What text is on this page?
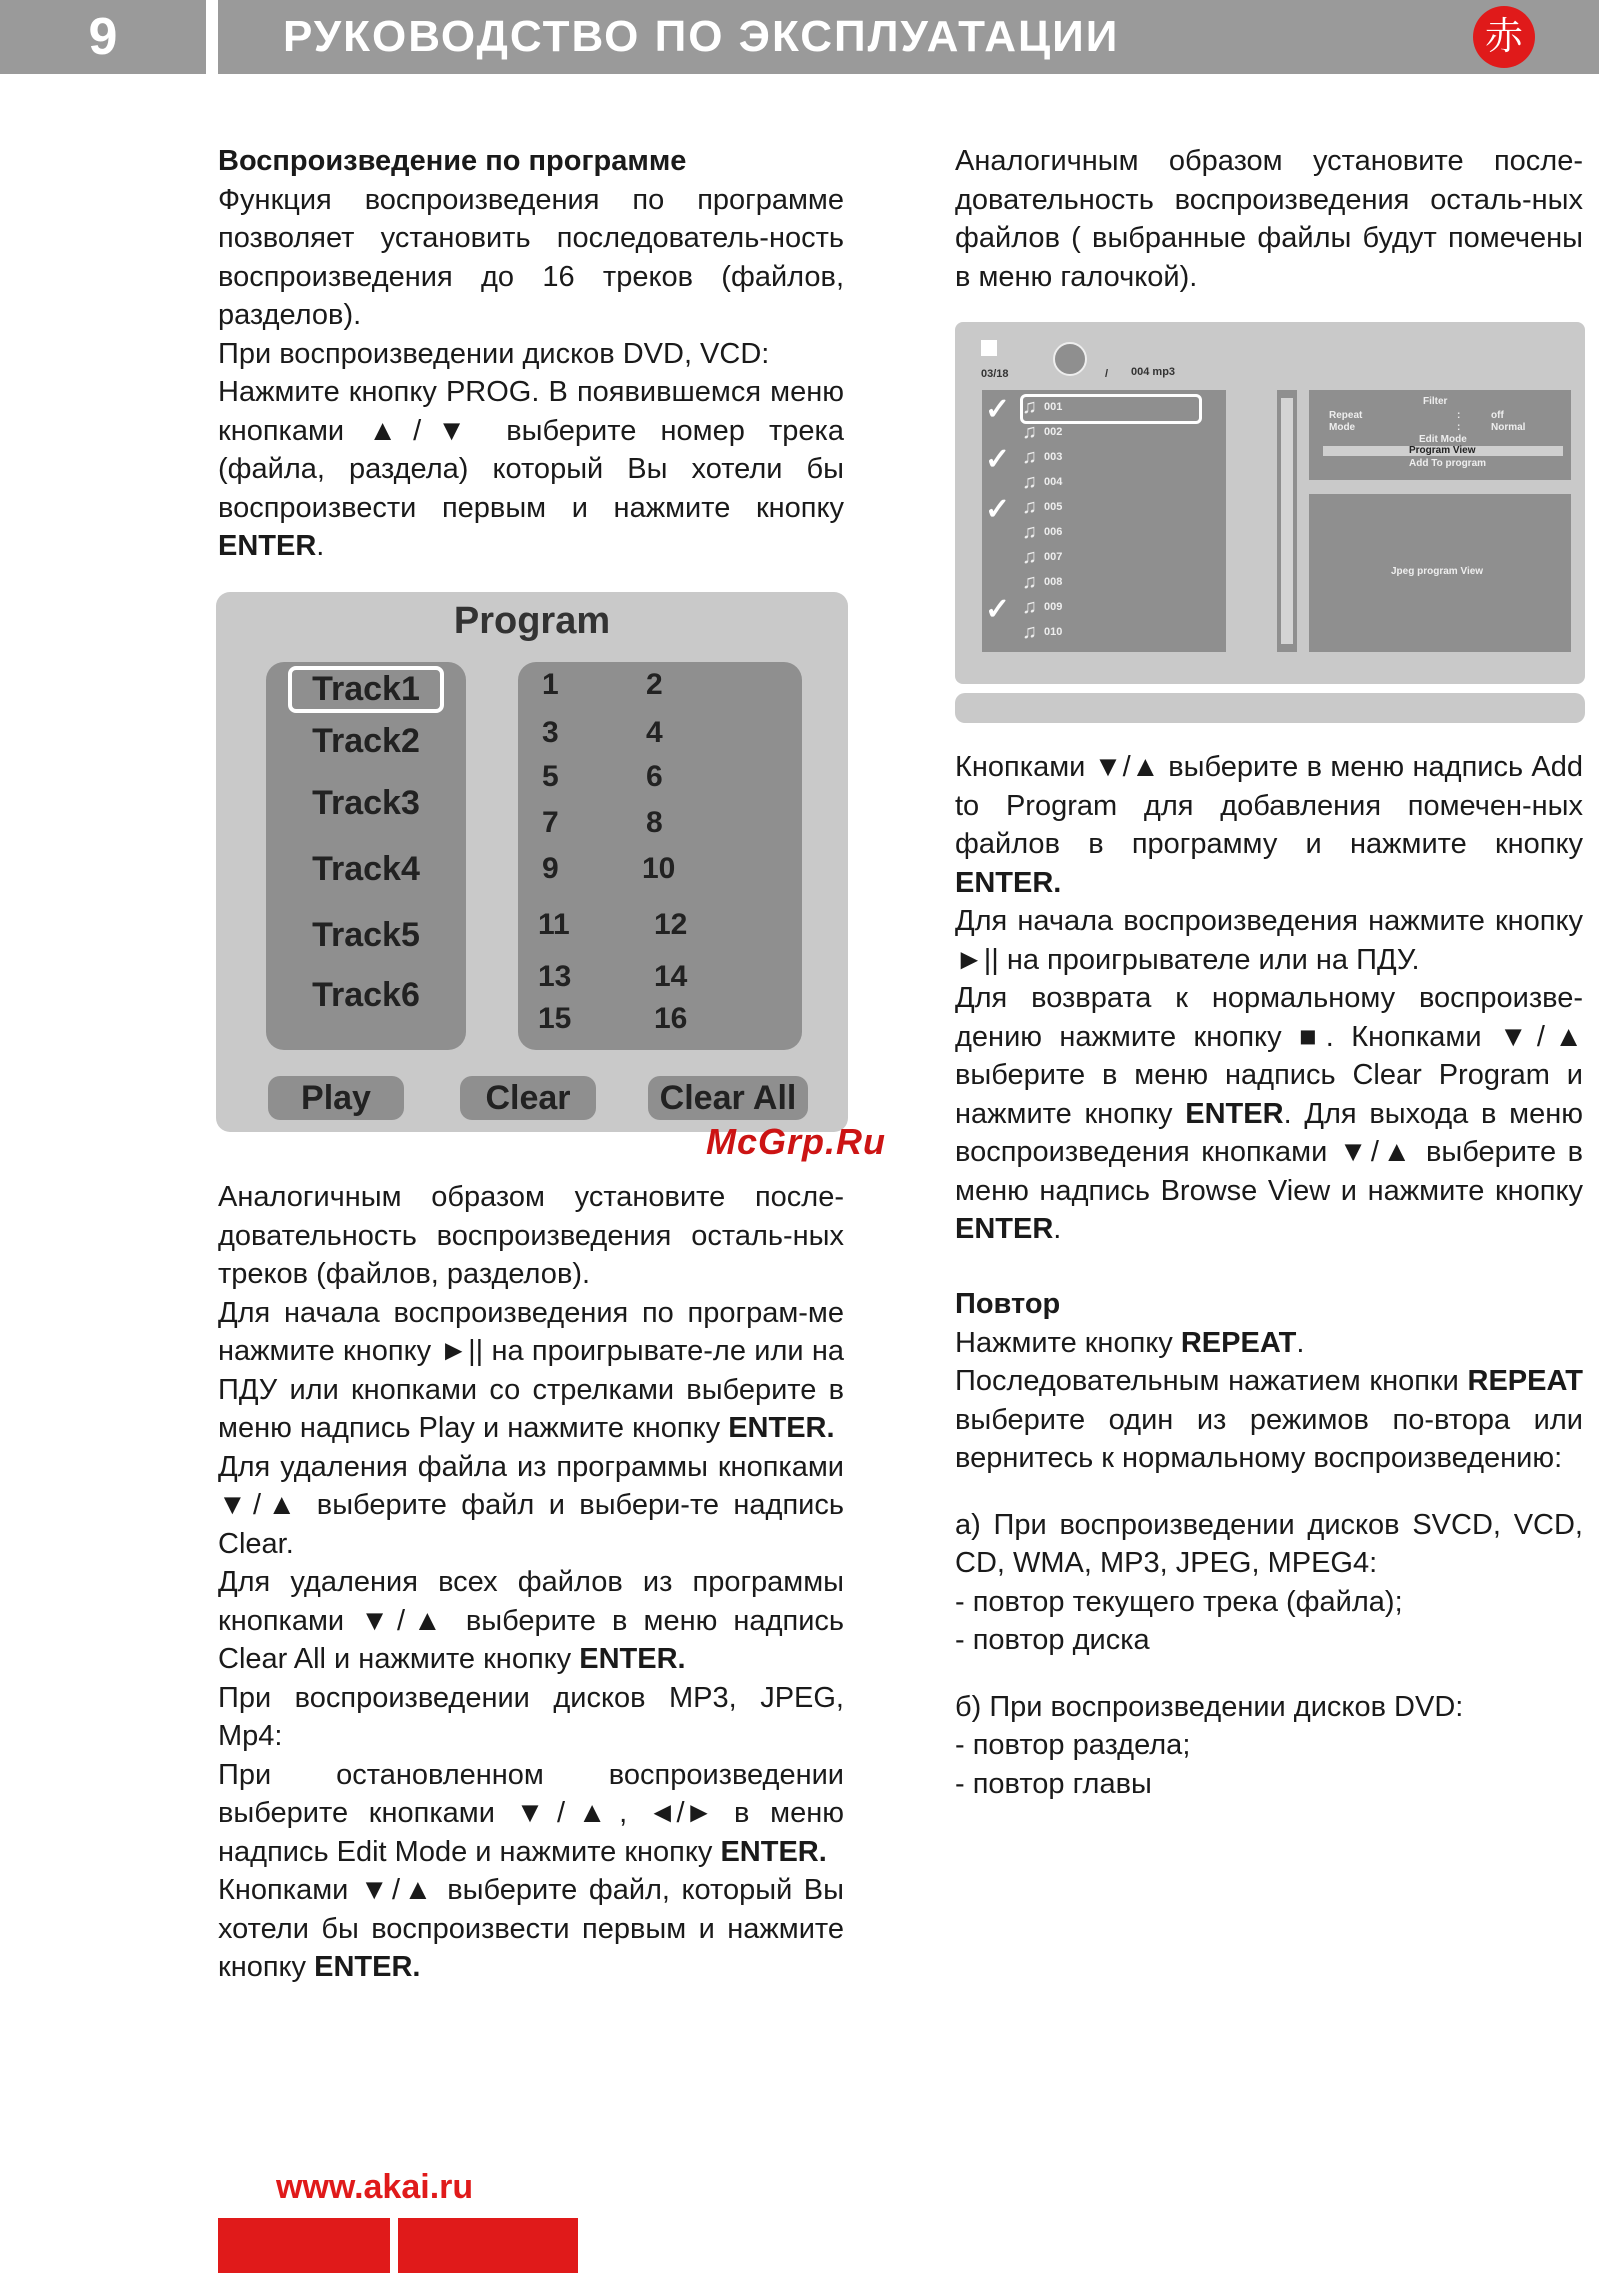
9	РУКОВОДСТВО ПО ЭКСПЛУАТАЦИИ	赤

Воспроизведение по программе

Функция воспроизведения по программе позволяет установить последователь-ность воспроизведения до 16 треков (файлов, разделов).

При воспроизведении дисков DVD, VCD:

Нажмите кнопку PROG. В появившемся меню кнопками ▲/▼ выберите номер трека (файла, раздела) который Вы хотели бы воспроизвести первым и нажмите кнопку ENTER.

Program
Track1
Track2
Track3
Track4
Track5
Track6
1	2
3	4
5	6
7	8
9	10
11	12
13	14
15	16
Play	Clear	Clear All
McGrp.Ru

Аналогичным образом установите после-довательность воспроизведения осталь-ных треков (файлов, разделов).

Для начала воспроизведения по програм-ме нажмите кнопку ►|| на проигрывате-ле или на ПДУ или кнопками со стрелками выберите в меню надпись Play и нажмите кнопку ENTER.

Для удаления файла из программы кнопками ▼/▲ выберите файл и выбери-те надпись Clear.

Для удаления всех файлов из программы кнопками ▼/▲ выберите в меню надпись Clear All и нажмите кнопку ENTER.

При воспроизведении дисков MP3, JPEG, Mp4:

При остановленном воспроизведении выберите кнопками ▼/▲, ◄/► в меню надпись Edit Mode и нажмите кнопку ENTER.

Кнопками ▼/▲ выберите файл, который Вы хотели бы воспроизвести первым и нажмите кнопку ENTER.

Аналогичным образом установите после-довательность воспроизведения осталь-ных файлов ( выбранные файлы будут помечены в меню галочкой).

03/18	/ 004 mp3
✓ ♫ 001
♫ 002
✓ ♫ 003
♫ 004
✓ ♫ 005
♫ 006
♫ 007
♫ 008
✓ ♫ 009
♫ 010
Filter
Repeat	:	off
Mode	:	Normal
Edit Mode
Program View
Add To program
Jpeg program View

Кнопками ▼/▲ выберите в меню надпись Add to Program для добавления помечен-ных файлов в программу и нажмите кнопку ENTER.

Для начала воспроизведения нажмите кнопку ►|| на проигрывателе или на ПДУ.

Для возврата к нормальному воспроизве-дению нажмите кнопку ■. Кнопками ▼/▲ выберите в меню надпись Clear Program и нажмите кнопку ENTER. Для выхода в меню воспроизведения кнопками ▼/▲ выберите в меню надпись Browse View и нажмите кнопку ENTER.

Повтор

Нажмите кнопку REPEAT.

Последовательным нажатием кнопки REPEAT выберите один из режимов по-втора или вернитесь к нормальному воспроизведению:

а) При воспроизведении дисков SVCD, VCD, CD, WMA, MP3, JPEG, MPEG4:

- повтор текущего трека (файла);

- повтор диска

б) При воспроизведении дисков DVD:

- повтор раздела;

- повтор главы

www.akai.ru
